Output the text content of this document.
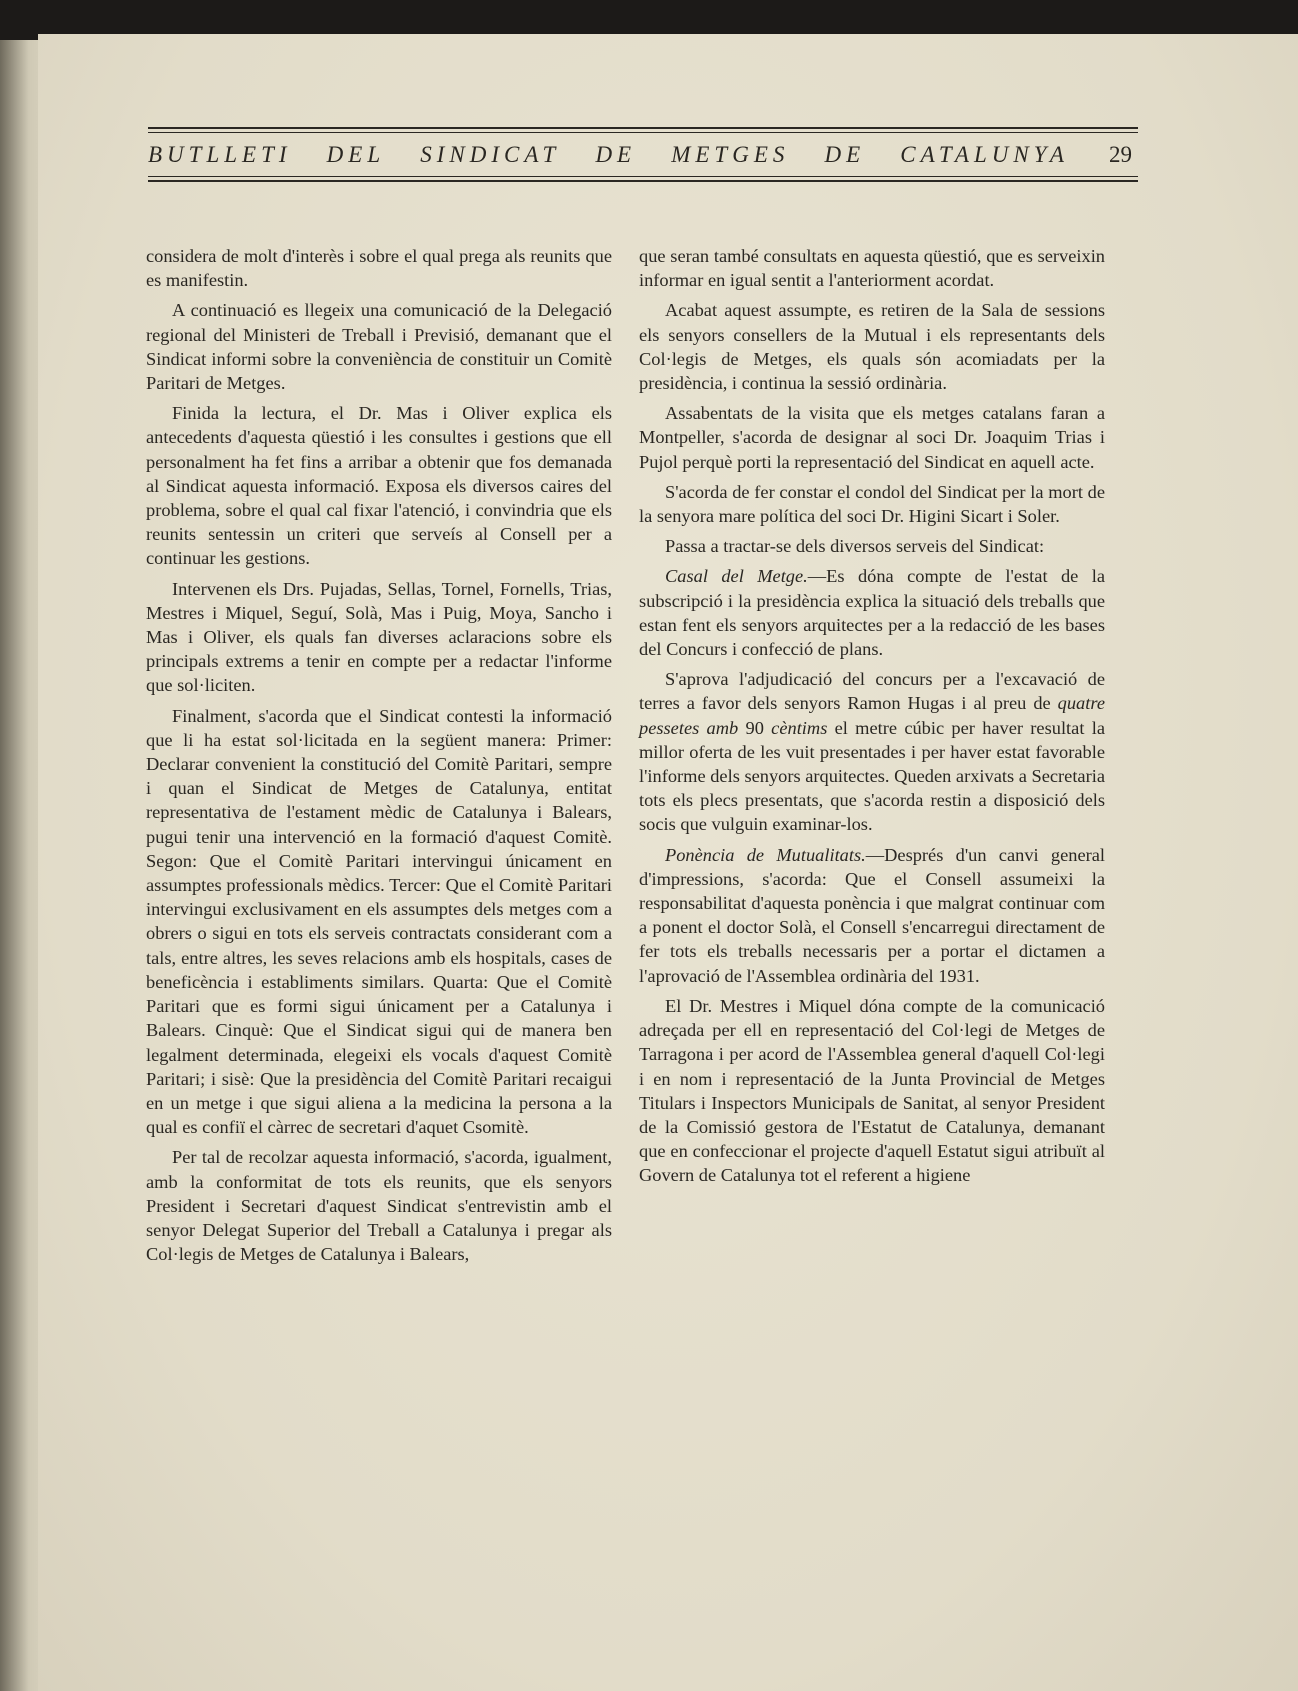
BUTLLETI DEL SINDICAT DE METGES DE CATALUNYA 29

considera de molt d'interès i sobre el qual prega als reunits que es manifestin.

A continuació es llegeix una comunicació de la Delegació regional del Ministeri de Treball i Previsió, demanant que el Sindicat informi sobre la conveniència de constituir un Comitè Paritari de Metges.

Finida la lectura, el Dr. Mas i Oliver explica els antecedents d'aquesta qüestió i les consultes i gestions que ell personalment ha fet fins a arribar a obtenir que fos demanada al Sindicat aquesta informació. Exposa els diversos caires del problema, sobre el qual cal fixar l'atenció, i convindria que els reunits sentessin un criteri que serveís al Consell per a continuar les gestions.

Intervenen els Drs. Pujadas, Sellas, Tornel, Fornells, Trias, Mestres i Miquel, Seguí, Solà, Mas i Puig, Moya, Sancho i Mas i Oliver, els quals fan diverses aclaracions sobre els principals extrems a tenir en compte per a redactar l'informe que sol·liciten.

Finalment, s'acorda que el Sindicat contesti la informació que li ha estat sol·licitada en la següent manera: Primer: Declarar convenient la constitució del Comitè Paritari, sempre i quan el Sindicat de Metges de Catalunya, entitat representativa de l'estament mèdic de Catalunya i Balears, pugui tenir una intervenció en la formació d'aquest Comitè. Segon: Que el Comitè Paritari intervingui únicament en assumptes professionals mèdics. Tercer: Que el Comitè Paritari intervingui exclusivament en els assumptes dels metges com a obrers o sigui en tots els serveis contractats considerant com a tals, entre altres, les seves relacions amb els hospitals, cases de beneficència i establiments similars. Quarta: Que el Comitè Paritari que es formi sigui únicament per a Catalunya i Balears. Cinquè: Que el Sindicat sigui qui de manera ben legalment determinada, elegeixi els vocals d'aquest Comitè Paritari; i sisè: Que la presidència del Comitè Paritari recaigui en un metge i que sigui aliena a la medicina la persona a la qual es confiï el càrrec de secretari d'aquet Csomitè.

Per tal de recolzar aquesta informació, s'acorda, igualment, amb la conformitat de tots els reunits, que els senyors President i Secretari d'aquest Sindicat s'entrevistin amb el senyor Delegat Superior del Treball a Catalunya i pregar als Col·legis de Metges de Catalunya i Balears,

que seran també consultats en aquesta qüestió, que es serveixin informar en igual sentit a l'anteriorment acordat.

Acabat aquest assumpte, es retiren de la Sala de sessions els senyors consellers de la Mutual i els representants dels Col·legis de Metges, els quals són acomiadats per la presidència, i continua la sessió ordinària.

Assabentats de la visita que els metges catalans faran a Montpeller, s'acorda de designar al soci Dr. Joaquim Trias i Pujol perquè porti la representació del Sindicat en aquell acte.

S'acorda de fer constar el condol del Sindicat per la mort de la senyora mare política del soci Dr. Higini Sicart i Soler.

Passa a tractar-se dels diversos serveis del Sindicat:

Casal del Metge.—Es dóna compte de l'estat de la subscripció i la presidència explica la situació dels treballs que estan fent els senyors arquitectes per a la redacció de les bases del Concurs i confecció de plans.

S'aprova l'adjudicació del concurs per a l'excavació de terres a favor dels senyors Ramon Hugas i al preu de quatre pessetes amb 90 cèntims el metre cúbic per haver resultat la millor oferta de les vuit presentades i per haver estat favorable l'informe dels senyors arquitectes. Queden arxivats a Secretaria tots els plecs presentats, que s'acorda restin a disposició dels socis que vulguin examinar-los.

Ponència de Mutualitats.—Després d'un canvi general d'impressions, s'acorda: Que el Consell assumeixi la responsabilitat d'aquesta ponència i que malgrat continuar com a ponent el doctor Solà, el Consell s'encarregui directament de fer tots els treballs necessaris per a portar el dictamen a l'aprovació de l'Assemblea ordinària del 1931.

El Dr. Mestres i Miquel dóna compte de la comunicació adreçada per ell en representació del Col·legi de Metges de Tarragona i per acord de l'Assemblea general d'aquell Col·legi i en nom i representació de la Junta Provincial de Metges Titulars i Inspectors Municipals de Sanitat, al senyor President de la Comissió gestora de l'Estatut de Catalunya, demanant que en confeccionar el projecte d'aquell Estatut sigui atribuït al Govern de Catalunya tot el referent a higiene
